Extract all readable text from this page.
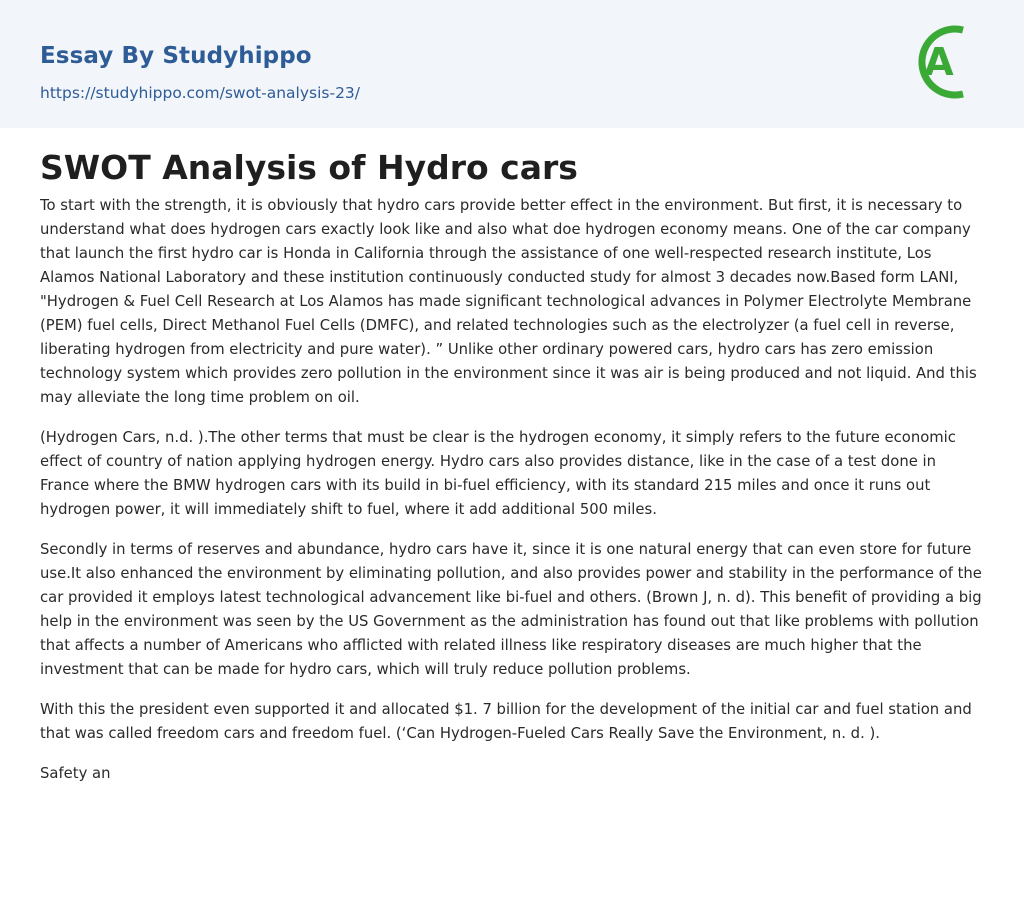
Essay By Studyhippo
https://studyhippo.com/swot-analysis-23/
A
SWOT Analysis of Hydro cars

To start with the strength, it is obviously that hydro cars provide better effect in the environment. But first, it is necessary to understand what does hydrogen cars exactly look like and also what doe hydrogen economy means. One of the car company that launch the first hydro car is Honda in California through the assistance of one well-respected research institute, Los Alamos National Laboratory and these institution continuously conducted study for almost 3 decades now.Based form LANI, "Hydrogen & Fuel Cell Research at Los Alamos has made significant technological advances in Polymer Electrolyte Membrane (PEM) fuel cells, Direct Methanol Fuel Cells (DMFC), and related technologies such as the electrolyzer (a fuel cell in reverse, liberating hydrogen from electricity and pure water). ” Unlike other ordinary powered cars, hydro cars has zero emission technology system which provides zero pollution in the environment since it was air is being produced and not liquid. And this may alleviate the long time problem on oil.

(Hydrogen Cars, n.d. ).The other terms that must be clear is the hydrogen economy, it simply refers to the future economic effect of country of nation applying hydrogen energy. Hydro cars also provides distance, like in the case of a test done in France where the BMW hydrogen cars with its build in bi-fuel efficiency, with its standard 215 miles and once it runs out hydrogen power, it will immediately shift to fuel, where it add additional 500 miles.

Secondly in terms of reserves and abundance, hydro cars have it, since it is one natural energy that can even store for future use.It also enhanced the environment by eliminating pollution, and also provides power and stability in the performance of the car provided it employs latest technological advancement like bi-fuel and others. (Brown J, n. d). This benefit of providing a big help in the environment was seen by the US Government as the administration has found out that like problems with pollution that affects a number of Americans who afflicted with related illness like respiratory diseases are much higher that the investment that can be made for hydro cars, which will truly reduce pollution problems.

With this the president even supported it and allocated $1. 7 billion for the development of the initial car and fuel station and that was called freedom cars and freedom fuel. (‘Can Hydrogen-Fueled Cars Really Save the Environment, n. d. ).

Safety an
